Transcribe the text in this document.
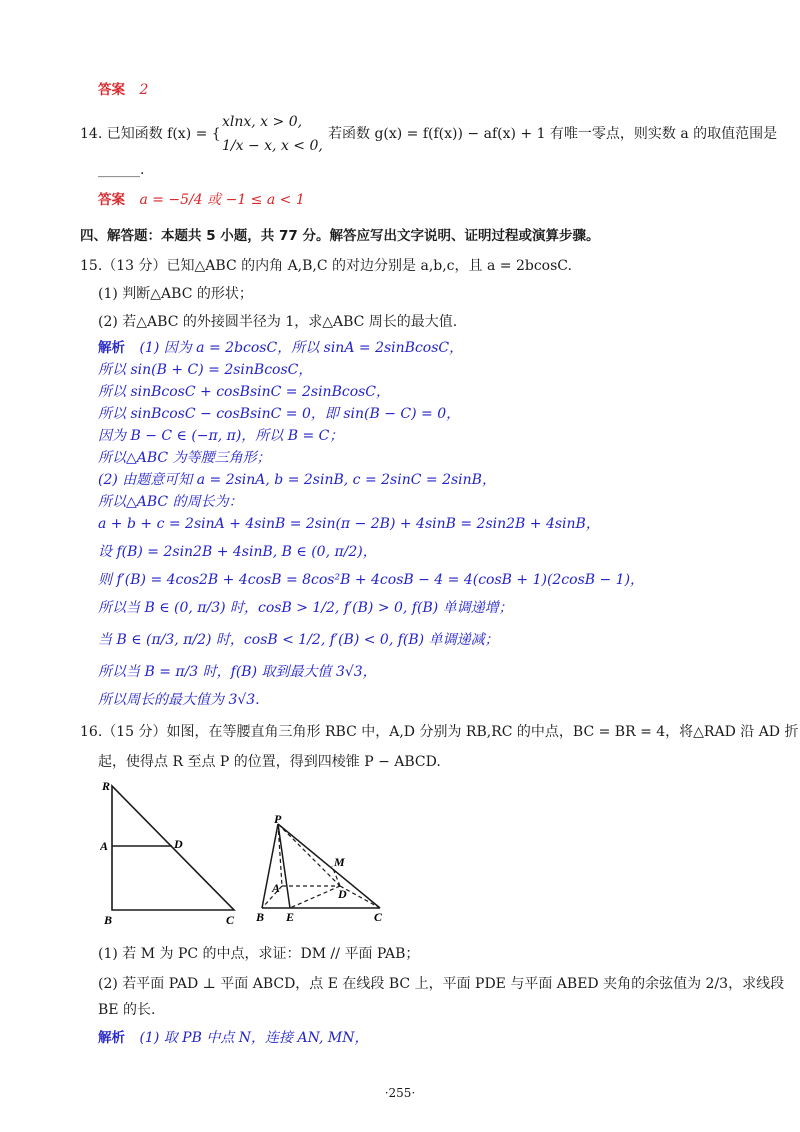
答案 2
14. 已知函数 f(x) = {
xlnx, x > 0,
1/x − x, x < 0,
若函数 g(x) = f(f(x)) − af(x) + 1 有唯一零点，则实数 a 的取值范围是
______.
答案 a = −5/4 或 −1 ≤ a < 1
四、解答题：本题共 5 小题，共 77 分。解答应写出文字说明、证明过程或演算步骤。
15.（13 分）已知△ABC 的内角 A,B,C 的对边分别是 a,b,c，且 a = 2bcosC.
(1) 判断△ABC 的形状；
(2) 若△ABC 的外接圆半径为 1，求△ABC 周长的最大值.
解析 (1) 因为 a = 2bcosC，所以 sinA = 2sinBcosC，
所以 sin(B + C) = 2sinBcosC，
所以 sinBcosC + cosBsinC = 2sinBcosC，
所以 sinBcosC − cosBsinC = 0，即 sin(B − C) = 0，
因为 B − C ∈ (−π, π)，所以 B = C；
所以△ABC 为等腰三角形；
(2) 由题意可知 a = 2sinA, b = 2sinB, c = 2sinC = 2sinB，
所以△ABC 的周长为：
a + b + c = 2sinA + 4sinB = 2sin(π − 2B) + 4sinB = 2sin2B + 4sinB，
设 f(B) = 2sin2B + 4sinB, B ∈ (0, π/2)，
则 f′(B) = 4cos2B + 4cosB = 8cos²B + 4cosB − 4 = 4(cosB + 1)(2cosB − 1)，
所以当 B ∈ (0, π/3) 时，cosB > 1/2, f′(B) > 0, f(B) 单调递增；
当 B ∈ (π/3, π/2) 时，cosB < 1/2, f′(B) < 0, f(B) 单调递减；
所以当 B = π/3 时，f(B) 取到最大值 3√3，
所以周长的最大值为 3√3.
16.（15 分）如图，在等腰直角三角形 RBC 中，A,D 分别为 RB,RC 的中点，BC = BR = 4，将△RAD 沿 AD 折
起，使得点 R 至点 P 的位置，得到四棱锥 P − ABCD.
R
A	D
B	C
P
M
A	D
B E	C
(1) 若 M 为 PC 的中点，求证：DM // 平面 PAB；
(2) 若平面 PAD ⊥ 平面 ABCD，点 E 在线段 BC 上，平面 PDE 与平面 ABED 夹角的余弦值为 2/3，求线段
BE 的长.
解析 (1) 取 PB 中点 N，连接 AN, MN，
·255·
